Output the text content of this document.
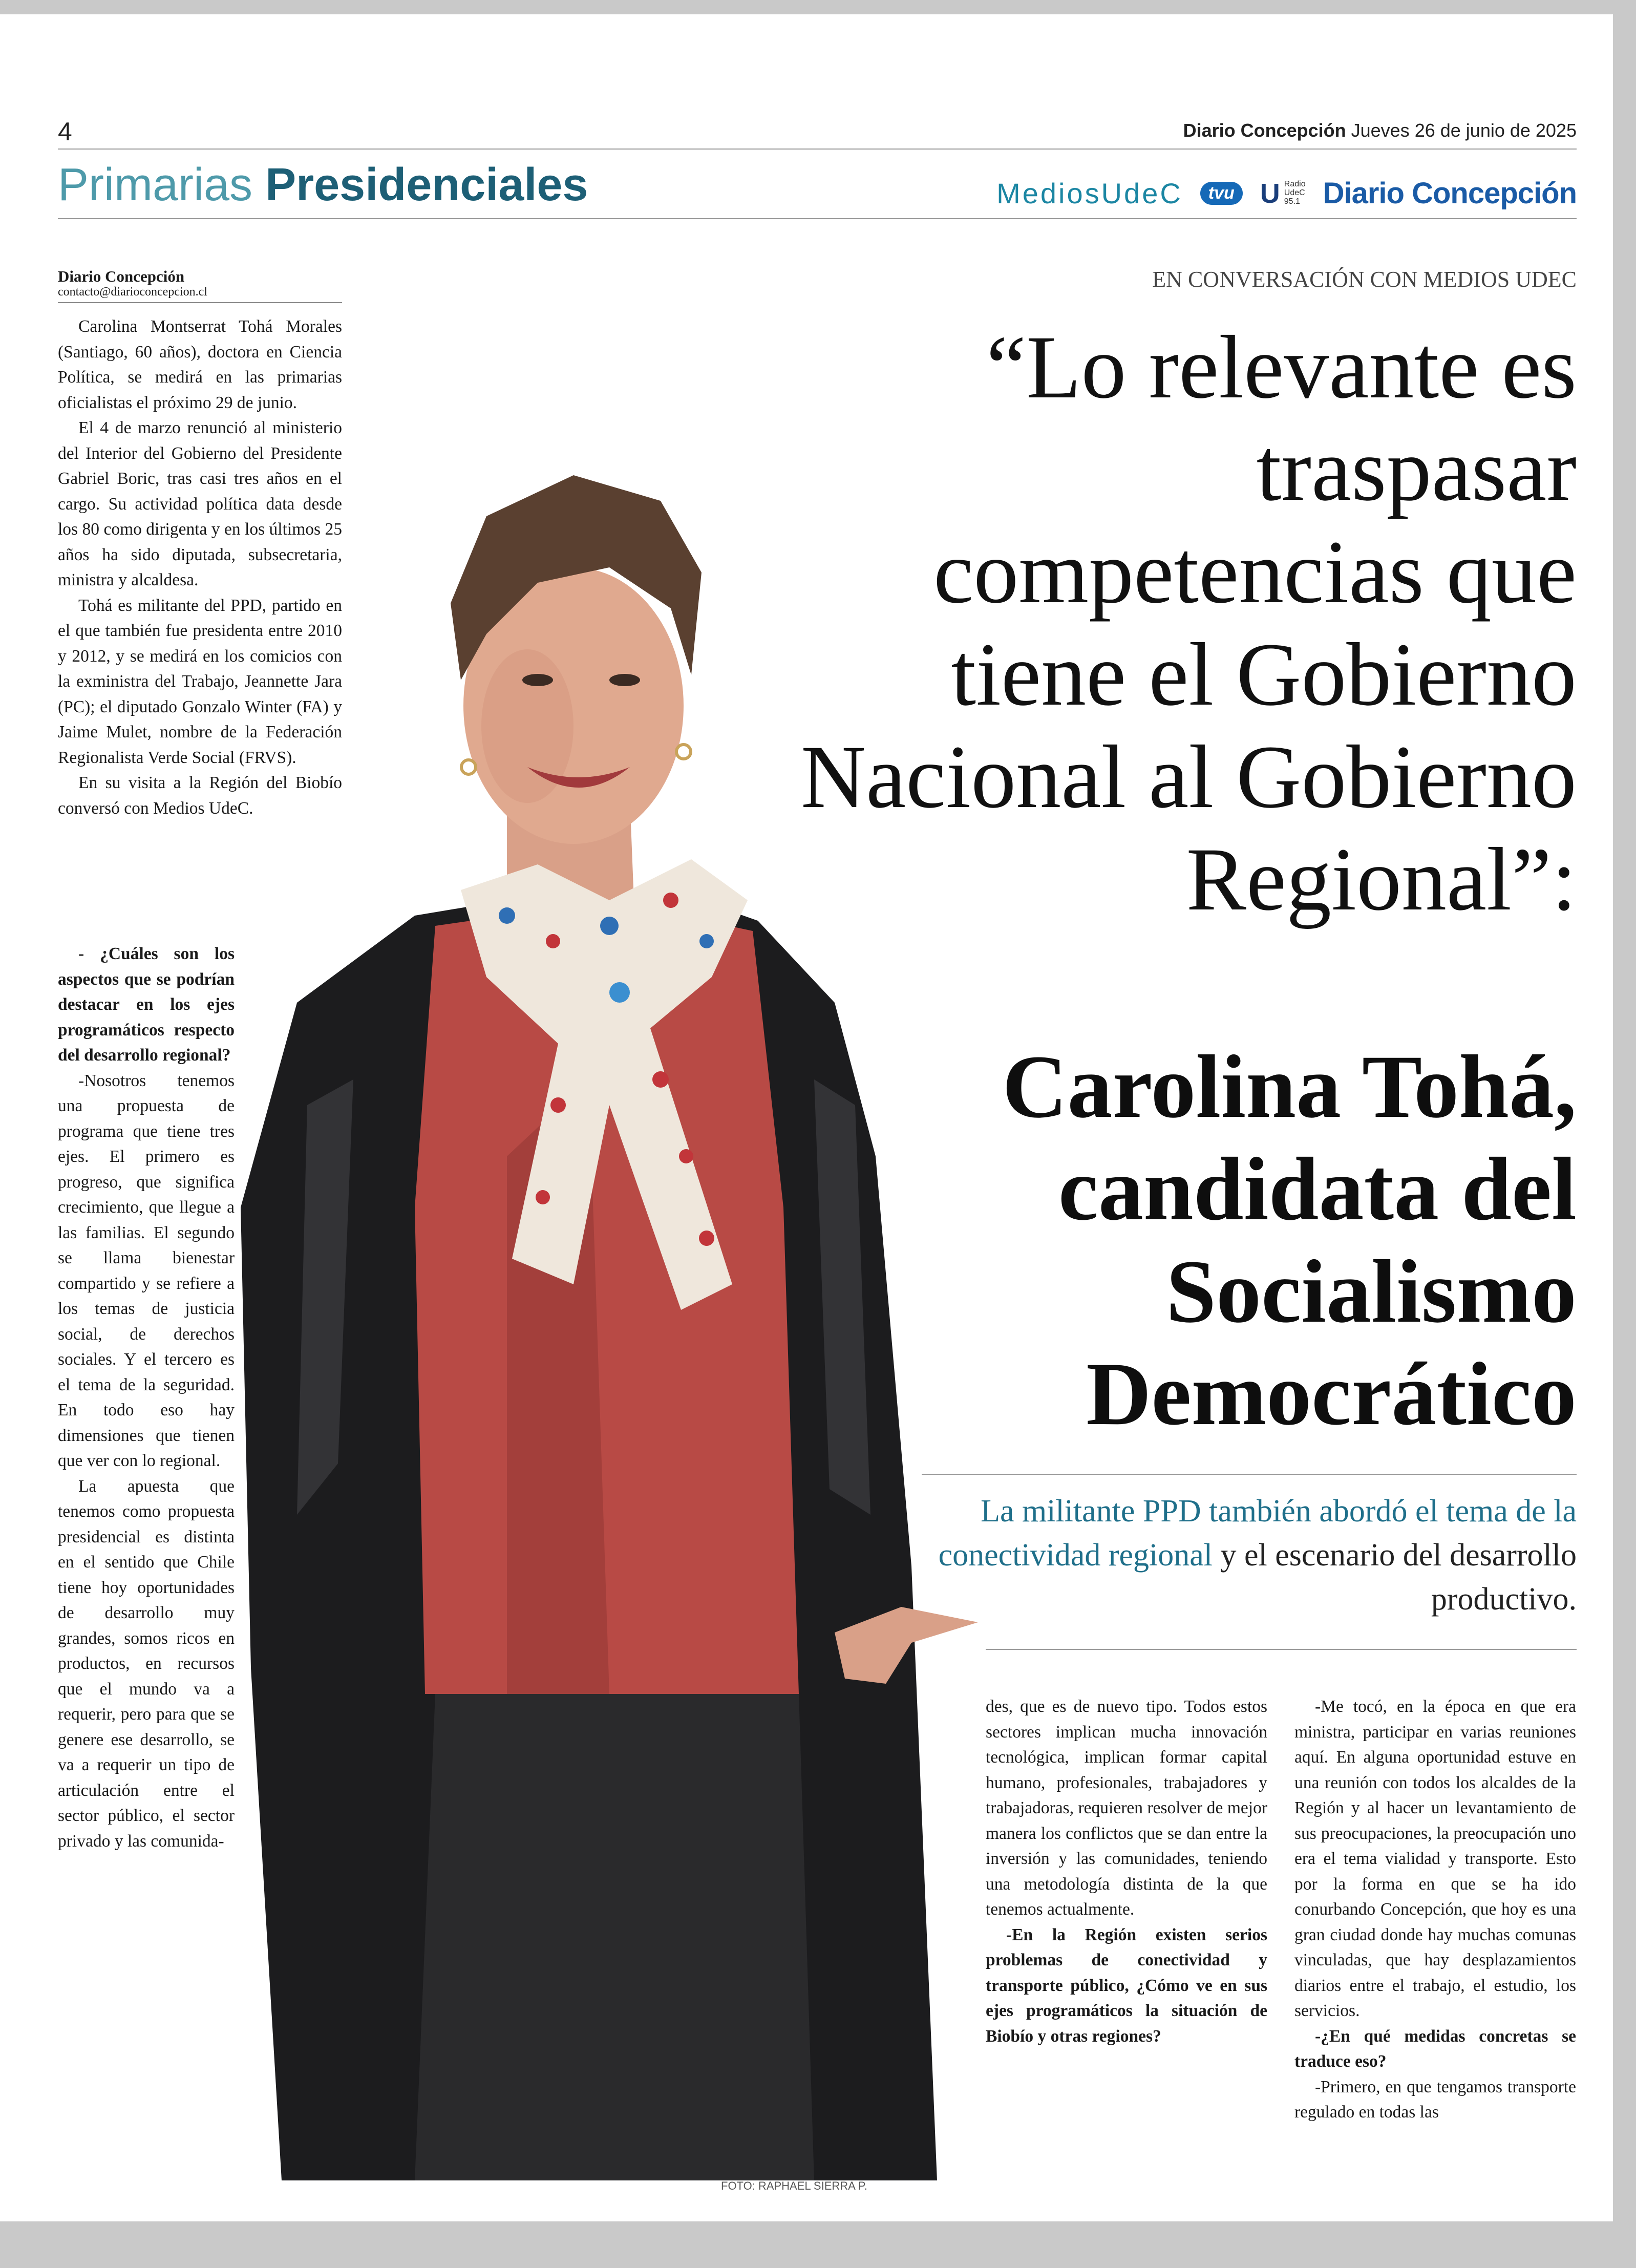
4	Diario Concepción Jueves 26 de junio de 2025
Primarias Presidenciales	MediosUdeC	tvu U Radio
UdeC
95.1 Diario Concepción
FOTO: RAPHAEL SIERRA P.
Diario Concepción
contacto@diarioconcepcion.cl

Carolina Montserrat Tohá Morales (Santiago, 60 años), doctora en Ciencia Política, se medirá en las primarias oficialistas el próximo 29 de junio.

El 4 de marzo renunció al ministerio del Interior del Gobierno del Presidente Gabriel Boric, tras casi tres años en el cargo. Su actividad política data desde los 80 como dirigenta y en los últimos 25 años ha sido diputada, subsecretaria, ministra y alcaldesa.

Tohá es militante del PPD, partido en el que también fue presidenta entre 2010 y 2012, y se medirá en los comicios con la exministra del Trabajo, Jeannette Jara (PC); el diputado Gonzalo Winter (FA) y Jaime Mulet, nombre de la Federación Regionalista Verde Social (FRVS).

En su visita a la Región del Biobío conversó con Medios UdeC.

- ¿Cuáles son los aspectos que se podrían destacar en los ejes programáticos respecto del desarrollo regional?

-Nosotros tenemos una propuesta de programa que tiene tres ejes. El primero es progreso, que significa crecimiento, que llegue a las familias. El segundo se llama bienestar compartido y se refiere a los temas de justicia social, de derechos sociales. Y el tercero es el tema de la seguridad. En todo eso hay dimensiones que tienen que ver con lo regional.

La apuesta que tenemos como propuesta presidencial es distinta en el sentido que Chile tiene hoy oportunidades de desarrollo muy grandes, somos ricos en productos, en recursos que el mundo va a requerir, pero para que se genere ese desarrollo, se va a requerir un tipo de articulación entre el sector público, el sector privado y las comunida-

EN CONVERSACIÓN CON MEDIOS UDEC
“Lo relevante es traspasar competencias que tiene el Gobierno Nacional al Gobierno Regional”:
Carolina Tohá, candidata del Socialismo Democrático
La militante PPD también abordó el tema de la conectividad regional y el escenario del desarrollo productivo.

des, que es de nuevo tipo. Todos estos sectores implican mucha innovación tecnológica, implican formar capital humano, profesionales, trabajadores y trabajadoras, requieren resolver de mejor manera los conflictos que se dan entre la inversión y las comunidades, teniendo una metodología distinta de la que tenemos actualmente.

-En la Región existen serios problemas de conectividad y transporte público, ¿Cómo ve en sus ejes programáticos la situación de Biobío y otras regiones?

-Me tocó, en la época en que era ministra, participar en varias reuniones aquí. En alguna oportunidad estuve en una reunión con todos los alcaldes de la Región y al hacer un levantamiento de sus preocupaciones, la preocupación uno era el tema vialidad y transporte. Esto por la forma en que se ha ido conurbando Concepción, que hoy es una gran ciudad donde hay muchas comunas vinculadas, que hay desplazamientos diarios entre el trabajo, el estudio, los servicios.

-¿En qué medidas concretas se traduce eso?

-Primero, en que tengamos transporte regulado en todas las
